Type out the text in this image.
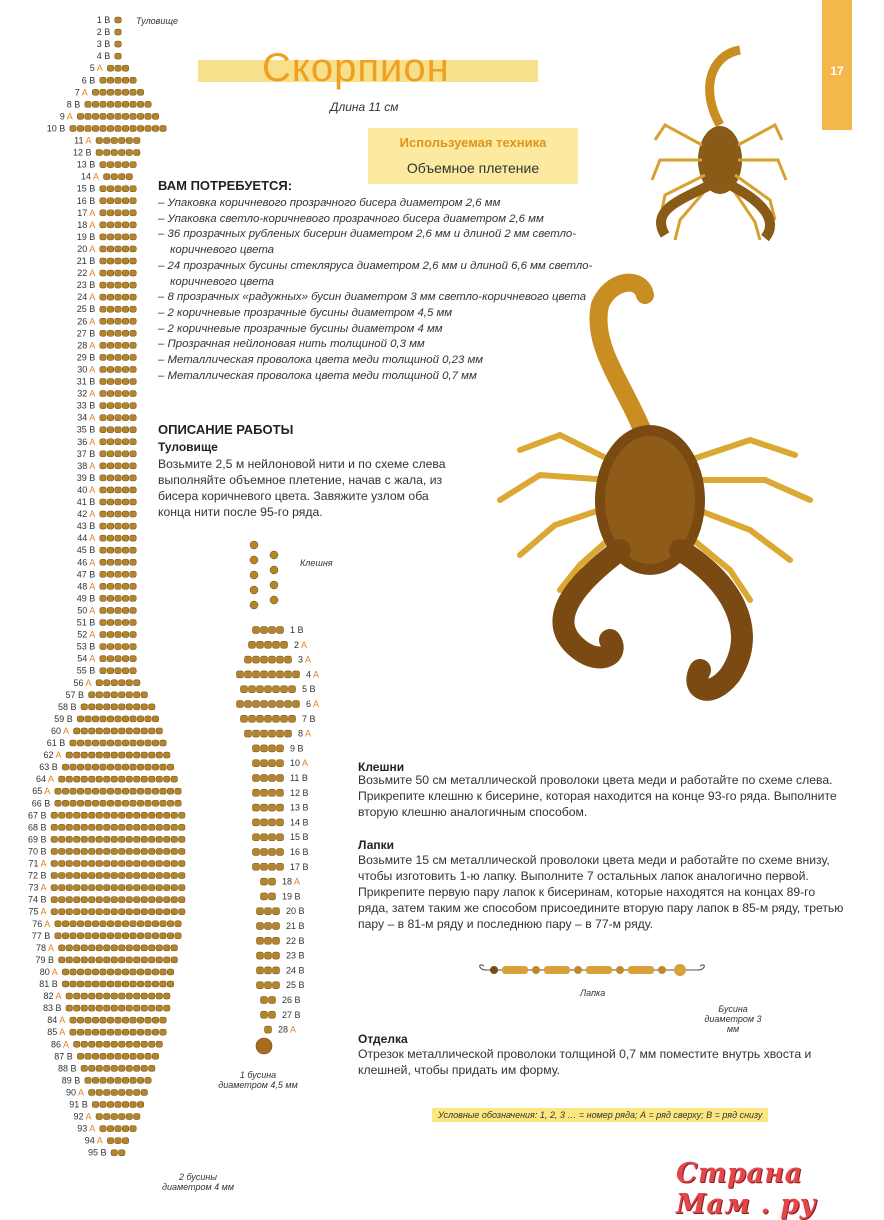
1 B
2 B
3 B
4 B
5 A
6 B
7 A
8 B
9 A
10 B
11 A
12 B
13 B
14 A
15 B
16 B
17 A
18 A
19 B
20 A
21 B
22 A
23 B
24 A
25 B
26 A
27 B
28 A
29 B
30 A
31 B
32 A
33 B
34 A
35 B
36 A
37 B
38 A
39 B
40 A
41 B
42 A
43 B
44 A
45 B
46 A
47 B
48 A
49 B
50 A
51 B
52 A
53 B
54 A
55 B
56 A
57 B
58 B
59 B
60 A
61 B
62 A
63 B
64 A
65 A
66 B
67 B
68 B
69 B
70 B
71 A
72 B
73 A
74 B
75 A
76 A
77 B
78 A
79 B
80 A
81 B
82 A
83 B
84 A
85 A
86 A
87 B
88 B
89 B
90 A
91 B
92 A
93 A
94 A
95 B
1 B
2 A
3 A
4 A
5 B
6 A
7 B
8 A
9 B
10 A
11 B
12 B
13 B
14 B
15 B
16 B
17 B
18 A
19 B
20 B
21 B
22 B
23 B
24 B
25 B
26 B
27 B
28 A
17
Скорпион
Длина 11 см
Используемая техника
Объемное плетение
ВАМ ПОТРЕБУЕТСЯ:
– Упаковка коричневого прозрачного бисера диаметром 2,6 мм
– Упаковка светло-коричневого прозрачного бисера диаметром 2,6 мм
– 36 прозрачных рубленых бисерин диаметром 2,6 мм и длиной 2 мм светло-коричневого цвета
– 24 прозрачных бусины стеклярусa диаметром 2,6 мм и длиной 6,6 мм светло-коричневого цвета
– 8 прозрачных «радужных» бусин диаметром 3 мм светло-коричневого цвета
– 2 коричневые прозрачные бусины диаметром 4,5 мм
– 2 коричневые прозрачные бусины диаметром 4 мм
– Прозрачная нейлоновая нить толщиной 0,3 мм
– Металлическая проволока цвета меди толщиной 0,23 мм
– Металлическая проволока цвета меди толщиной 0,7 мм
ОПИСАНИЕ РАБОТЫ
Туловище

Возьмите 2,5 м нейлоновой нити и по схеме слева выполняйте объемное плетение, начав с жала, из бисера коричневого цвета. Завяжите узлом оба конца нити после 95-го ряда.

Клешни

Возьмите 50 см металлической проволоки цвета меди и работайте по схеме слева. Прикрепите клешню к бисерине, которая находится на конце 93-го ряда. Выполните вторую клешню аналогичным способом.

Лапки

Возьмите 15 см металлической проволоки цвета меди и работайте по схеме внизу, чтобы изготовить 1-ю лапку. Выполните 7 остальных лапок аналогично первой.

Прикрепите первую пару лапок к бисеринам, которые находятся на концах 89-го ряда, затем таким же способом присоедините вторую пару лапок в 85-м ряду, третью пару – в 81-м ряду и последнюю пару – в 77-м ряду.

Отделка

Отрезок металлической проволоки толщиной 0,7 мм поместите внутрь хвоста и клешней, чтобы придать им форму.

Туловище
Клешня
1 бусина диаметром 4,5 мм
2 бусины диаметром 4 мм
Лапка
Бусина диаметром 3 мм
Условные обозначения: 1, 2, 3 … = номер ряда; А = ряд сверху; В = ряд снизу
Страна Мам . ру
